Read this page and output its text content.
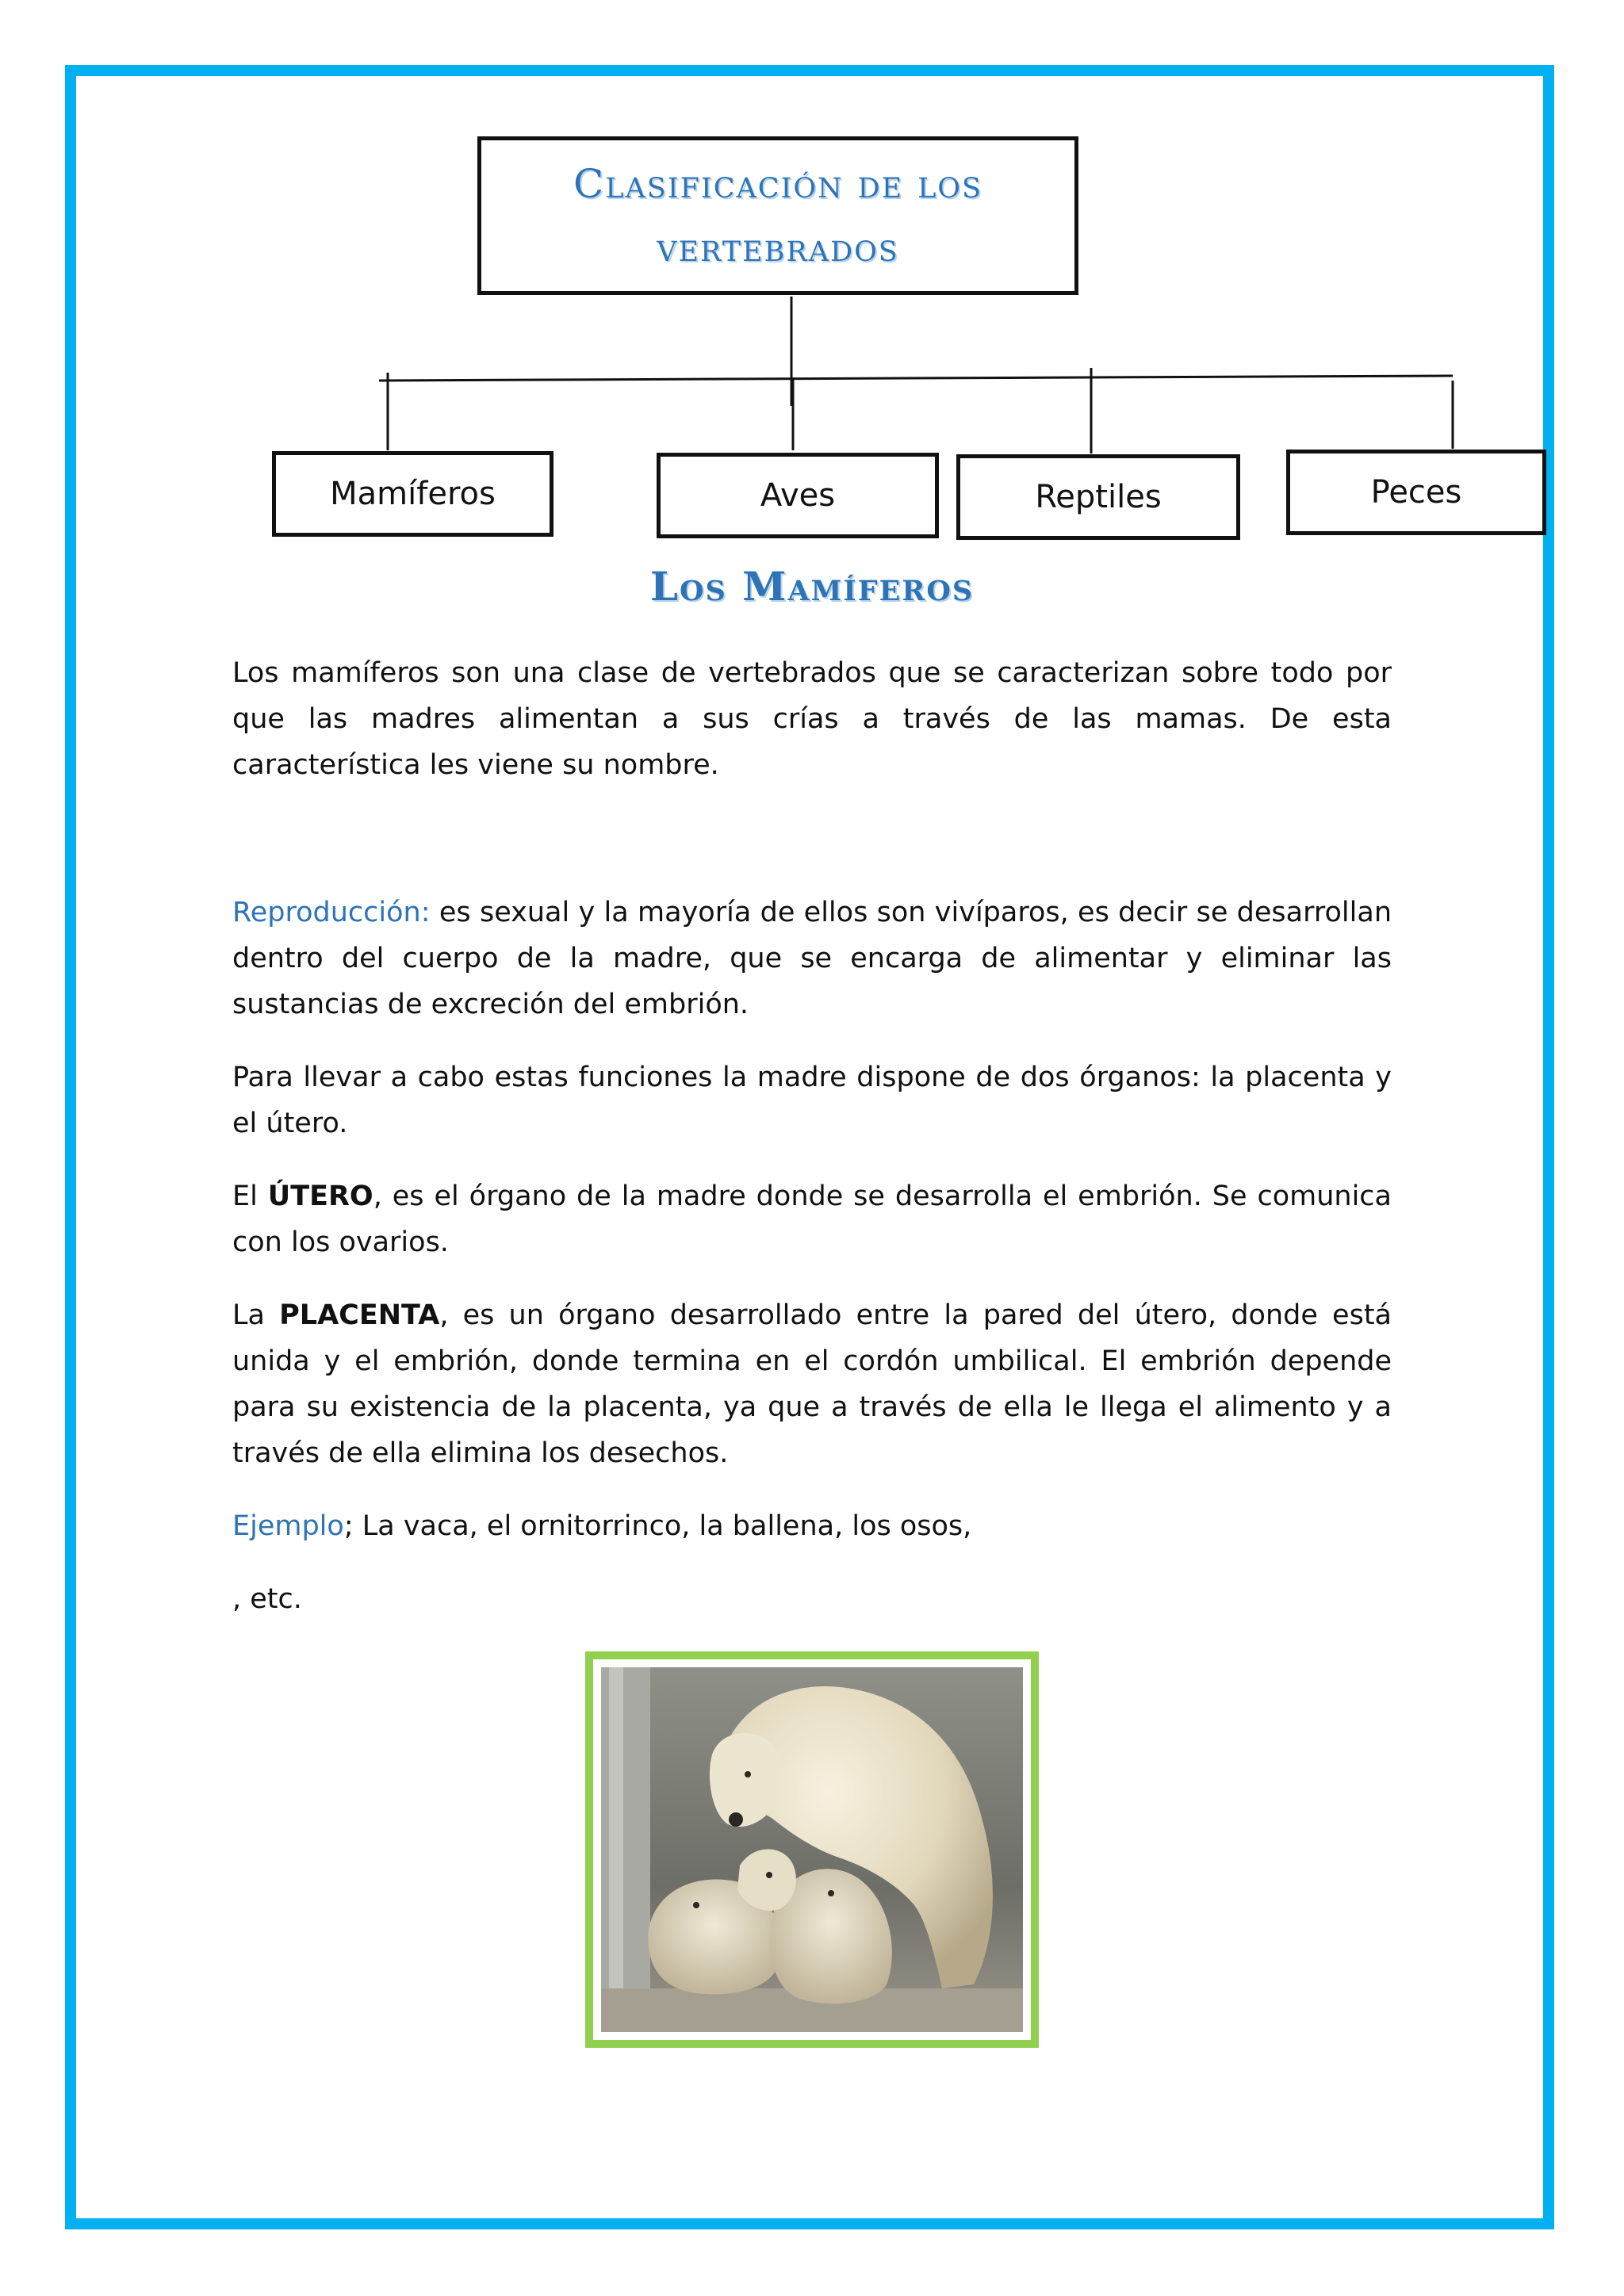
Clasificación de los vertebrados
Mamíferos	Aves	Reptiles	Peces
Los Mamíferos

Los mamíferos son una clase de vertebrados que se caracterizan sobre todo por que las madres alimentan a sus crías a través de las mamas. De esta característica les viene su nombre.

Reproducción: es sexual y la mayoría de ellos son vivíparos, es decir se desarrollan dentro del cuerpo de la madre, que se encarga de alimentar y eliminar las sustancias de excreción del embrión.

Para llevar a cabo estas funciones la madre dispone de dos órganos: la placenta y el útero.

El ÚTERO, es el órgano de la madre donde se desarrolla el embrión. Se comunica con los ovarios.

La PLACENTA, es un órgano desarrollado entre la pared del útero, donde está unida y el embrión, donde termina en el cordón umbilical. El embrión depende para su existencia de la placenta, ya que a través de ella le llega el alimento y a través de ella elimina los desechos.

Ejemplo; La vaca, el ornitorrinco, la ballena, los osos,

, etc.
